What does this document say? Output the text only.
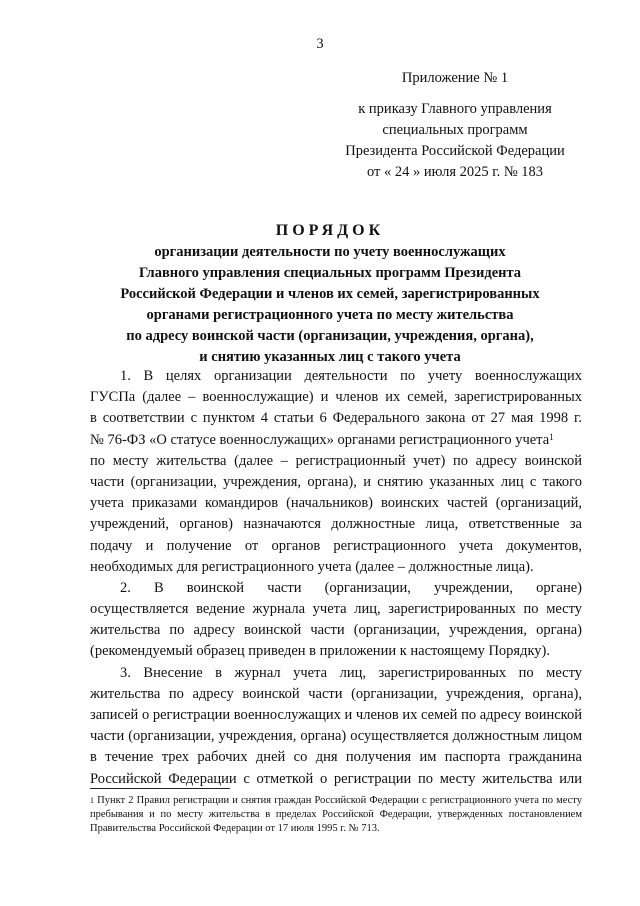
3
Приложение № 1
к приказу Главного управления
специальных программ
Президента Российской Федерации
от « 24 » июля 2025 г. № 183
ПОРЯДОК
организации деятельности по учету военнослужащих
Главного управления специальных программ Президента
Российской Федерации и членов их семей, зарегистрированных
органами регистрационного учета по месту жительства
по адресу воинской части (организации, учреждения, органа),
и снятию указанных лиц с такого учета
1. В целях организации деятельности по учету военнослужащих
ГУСПа (далее – военнослужащие) и членов их семей, зарегистрированных
в соответствии с пунктом 4 статьи 6 Федерального закона от 27 мая 1998 г.
№ 76-ФЗ «О статусе военнослужащих» органами регистрационного учета$^1$
по месту жительства (далее – регистрационный учет) по адресу воинской
части (организации, учреждения, органа), и снятию указанных лиц с такого
учета приказами командиров (начальников) воинских частей (организаций,
учреждений, органов) назначаются должностные лица, ответственные за
подачу и получение от органов регистрационного учета документов,
необходимых для регистрационного учета (далее – должностные лица).
2. В воинской части (организации, учреждении, органе)
осуществляется ведение журнала учета лиц, зарегистрированных по месту
жительства по адресу воинской части (организации, учреждения, органа)
(рекомендуемый образец приведен в приложении к настоящему Порядку).
3. Внесение в журнал учета лиц, зарегистрированных по месту
жительства по адресу воинской части (организации, учреждения, органа),
записей о регистрации военнослужащих и членов их семей по адресу воинской
части (организации, учреждения, органа) осуществляется должностным лицом
в течение трех рабочих дней со дня получения им паспорта гражданина
Российской Федерации с отметкой о регистрации по месту жительства или
$^1$ Пункт 2 Правил регистрации и снятия граждан Российской Федерации с регистрационного учета по месту
пребывания и по месту жительства в пределах Российской Федерации, утвержденных постановлением
Правительства Российской Федерации от 17 июля 1995 г. № 713.
